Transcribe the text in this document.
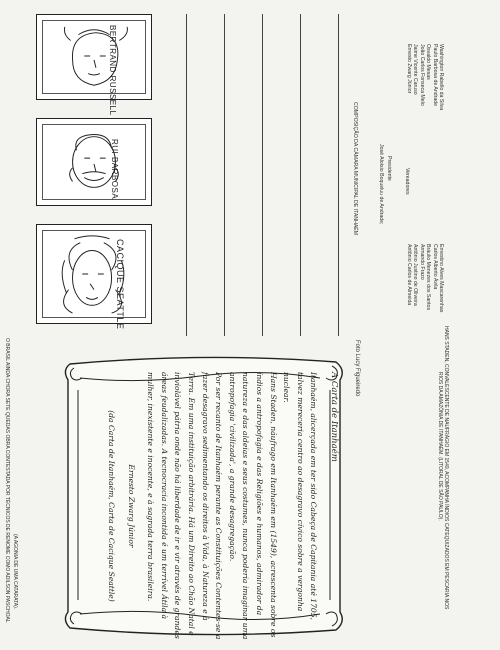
CACIQUE SEATTLE
RUI BARBOSA
BERTRAND RUSSELL
COMPOSIÇÃO DA CÂMARA MUNICIPAL DE ITANHAÉM	José Aloísio Boqueluu de Andrade; Presidente Vereadores
Ernestino Alves Mascarenhas
Carlos Alberto Ávila
Bráulio Menezes dos Santos
Armando Frazo
Antônio Justino de Oliveira
Antônio Carlos de Almeida
Washington Rabello da Silva
Paulo Barbosa de Andrade
Osvaldo Mesas
João Carlos Fonseca Melo
Jaime Vicente Caruso
Ernesto Zwarg Júnior
HANS STADEN, CONVALESCENTE DE NAUFRÁGIO EM 1549, ACOMPANHA ÍNDIOS CATEQUIZADOS EM PESCARIA NOS
RIOS DA AMAZÔNIA DE ITANHAÉM. (LITORAL DE SÃO PAULO).
Foto Lucy Figueiredo
O BRASIL AINDA CHORA SETE QUEDAS OBRA CONTESTADA POR TÉCNICOS DE RENOME COMO ADILSON PASCHOAL (A AGONIA DE UMA CATARATA).

A Carta de Itanhaém

Itanhaém, alicerçada em ter sido Cabeça de Capitania até 1705, talvez mereceria centro ao desagravo cívico sobre a vergonha nuclear.

Hans Staden, náufrago em Itanhaém em (1549), acrescenta sobre os índios a antropofagia e das Religiões e humanos, admirador da natureza e das aldeias e seus costumes, nunca poderia imaginar uma antropofagia 'civilizada', a grande desagregação.

Por ser recanto de Itanhaém perante as Constituições Contentes-se a fazer desagravo sedimentando os direitos à Vida, à Natureza e à Terra. Em uma instituição arbitrária. Há um Direito ao Chão Natal e inviolável pátria onde não há liberdade de ir e vir através de grandes áreas feudalizadas. A tecnocracia incontida é um terrível Átila à mulher, inexistente e inocente, e à sagrada terra brasileira.

Ernesto Zwarg Júnior

(da Carta de Itanhaém, Carta de Cacique Seattle)
